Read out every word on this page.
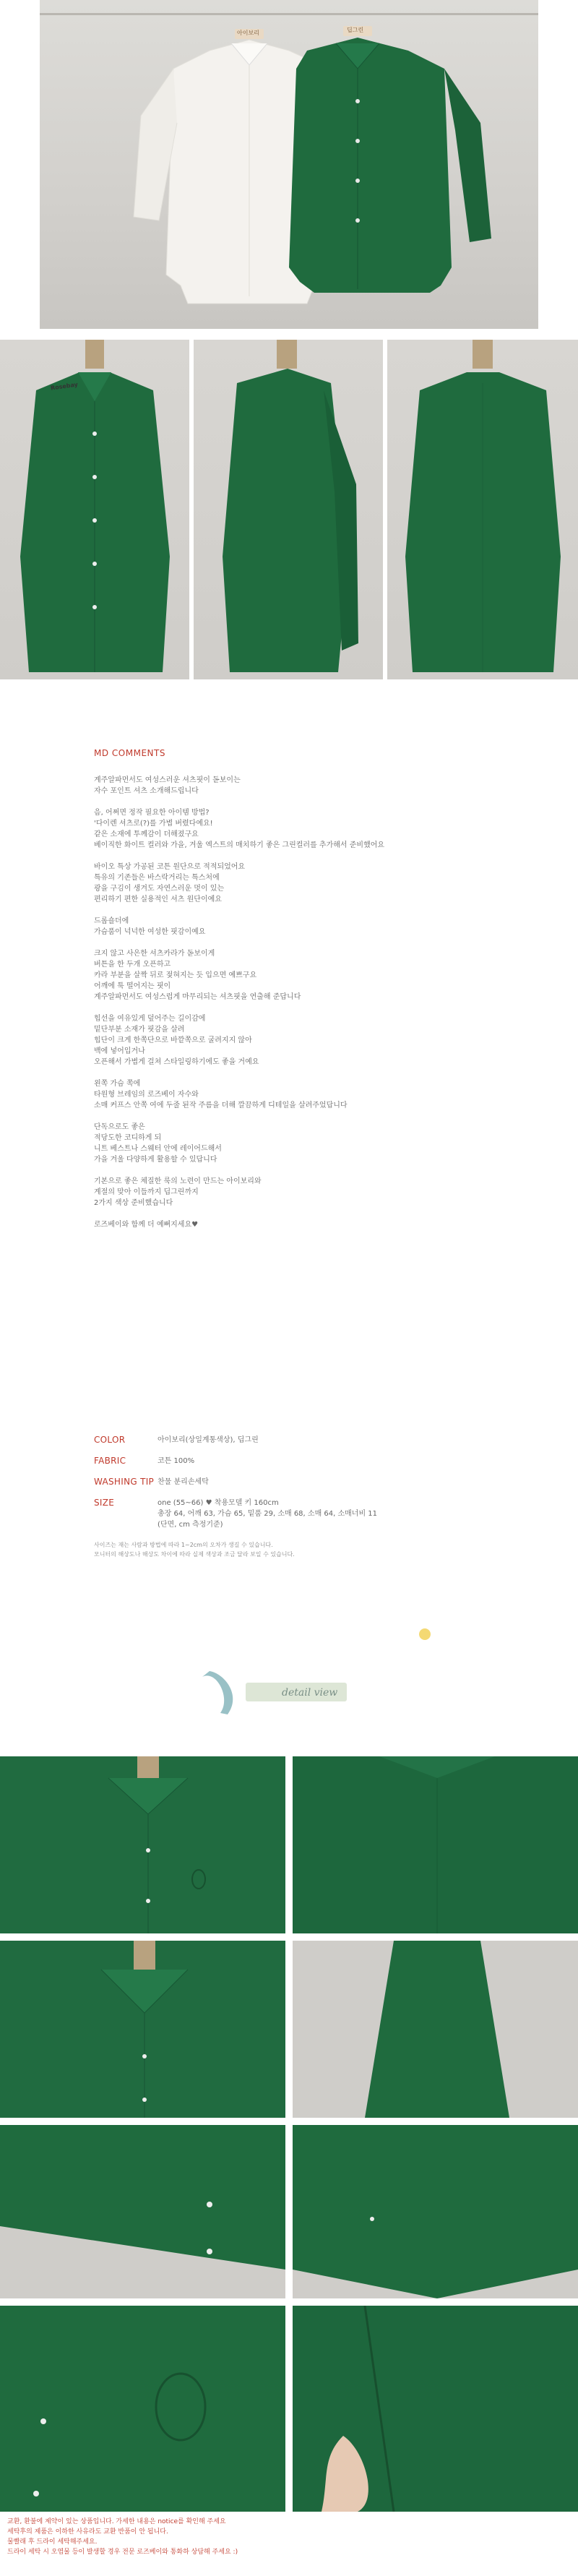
아이보리	딥그린
Rosebay
MD COMMENTS

계주알파먼서도 여성스러운 셔츠핏이 돋보이는

자수 포인트 셔츠 소개해드립니다

음, 어쩌면 정작 필요한 아이템 방법?

'다이렌 셔츠로(?)를 가볍 버렸다예요!

같은 소재에 투께감이 더해졌구요

베이직한 화이트 컬러와 가을, 겨울 엑스트의 매치하기 좋은 그린컬러를 추가해서 준비했어요

바이오 특상 가공된 코튼 원단으로 적적되었어요

특유의 기존들은 바스락거리는 특스처에

광을 구김이 생겨도 자연스러운 멋이 있는

편리하기 편한 실용적인 셔츠 원단이예요

드롭숄더에

가슴품이 넉넉한 여성한 핏감이예요

크지 않고 사은한 셔츠카라가 돋보이게

버튼을 한 두개 오픈하고

카라 부분을 살짝 뒤로 젖혀지는 듯 입으면 예쁘구요

어깨에 툭 떨어지는 핏이

계주알파먼서도 여성스럽게 마무리되는 셔츠핏을 연출해 준답니다

힙선을 여유있게 덮어주는 길이감에

밑단부분 소재가 핏감을 살려

힙단이 크게 한쪽단으로 바깥쪽으로 굴려지지 않아

백에 넣어입거나

오픈해서 가볍게 걸쳐 스타일링하기에도 좋을 거예요

왼쪽 가슴 쪽에

타원형 브레임의 로즈베이 자수와

소매 커프스 안쪽 여에 두줄 된작 주름을 더해 깔끔하게 디테일을 살려주었답니다

단독으로도 좋은

적당도한 코디하게 되

니트 베스트나 스웨터 안에 레이어드해서

가을 겨울 다양하게 활용할 수 있답니다

기본으로 좋은 체질한 룩의 노련이 만드는 아이보리와

계절의 맞아 이들까지 딥그린까지

2가지 색상 준비했습니다

로즈베이와 함께 더 예뻐지세요♥

COLOR	아이보리(상일계통색상), 딥그린
FABRIC	코튼 100%
WASHING TIP 찬물 분리손세탁
SIZE	one (55~66) ♥ 착용모델 키 160cm
총장 64, 어깨 63, 가슴 65, 밑품 29, 소매 68, 소매 64, 소매너비 11
(단면, cm 측정기준)
사이즈는 재는 사람과 방법에 따라 1~2cm의 오차가 생길 수 있습니다.
모니터의 해상도나 해상도 차이에 따라 실제 색상과 조금 달라 보일 수 있습니다.
detail view
교환, 환불에 제약이 있는 상품입니다. 가세한 내용은 notice를 확인해 주세요
세탁후의 제품은 이하한 사유라도 교환 반품이 안 됩니다.
물빨래 후 드라이 세탁해주세요.
드라이 세탁 시 오염물 등이 발생할 경우 전문 로즈베이와 통화하 상담해 주세요 :)
